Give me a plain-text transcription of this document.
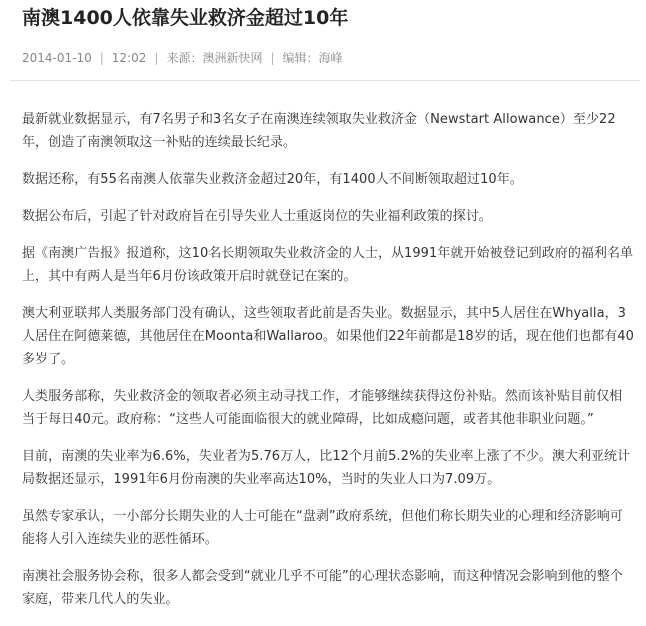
南澳1400人依靠失业救济金超过10年
2014-01-10 | 12:02 | 来源：澳洲新快网 | 编辑：海峰

最新就业数据显示，有7名男子和3名女子在南澳连续领取失业救济金（Newstart Allowance）至少22年，创造了南澳领取这一补贴的连续最长纪录。

数据还称，有55名南澳人依靠失业救济金超过20年，有1400人不间断领取超过10年。

数据公布后，引起了针对政府旨在引导失业人士重返岗位的失业福利政策的探讨。

据《南澳广告报》报道称，这10名长期领取失业救济金的人士，从1991年就开始被登记到政府的福利名单上，其中有两人是当年6月份该政策开启时就登记在案的。

澳大利亚联邦人类服务部门没有确认，这些领取者此前是否失业。数据显示，其中5人居住在Whyalla，3人居住在阿德莱德，其他居住在Moonta和Wallaroo。如果他们22年前都是18岁的话，现在他们也都有40多岁了。

人类服务部称，失业救济金的领取者必须主动寻找工作，才能够继续获得这份补贴。然而该补贴目前仅相当于每日40元。政府称：“这些人可能面临很大的就业障碍，比如成瘾问题，或者其他非职业问题。”

目前，南澳的失业率为6.6%，失业者为5.76万人，比12个月前5.2%的失业率上涨了不少。澳大利亚统计局数据还显示，1991年6月份南澳的失业率高达10%，当时的失业人口为7.09万。

虽然专家承认，一小部分长期失业的人士可能在“盘剥”政府系统，但他们称长期失业的心理和经济影响可能将人引入连续失业的恶性循环。

南澳社会服务协会称，很多人都会受到“就业几乎不可能”的心理状态影响，而这种情况会影响到他的整个家庭，带来几代人的失业。
